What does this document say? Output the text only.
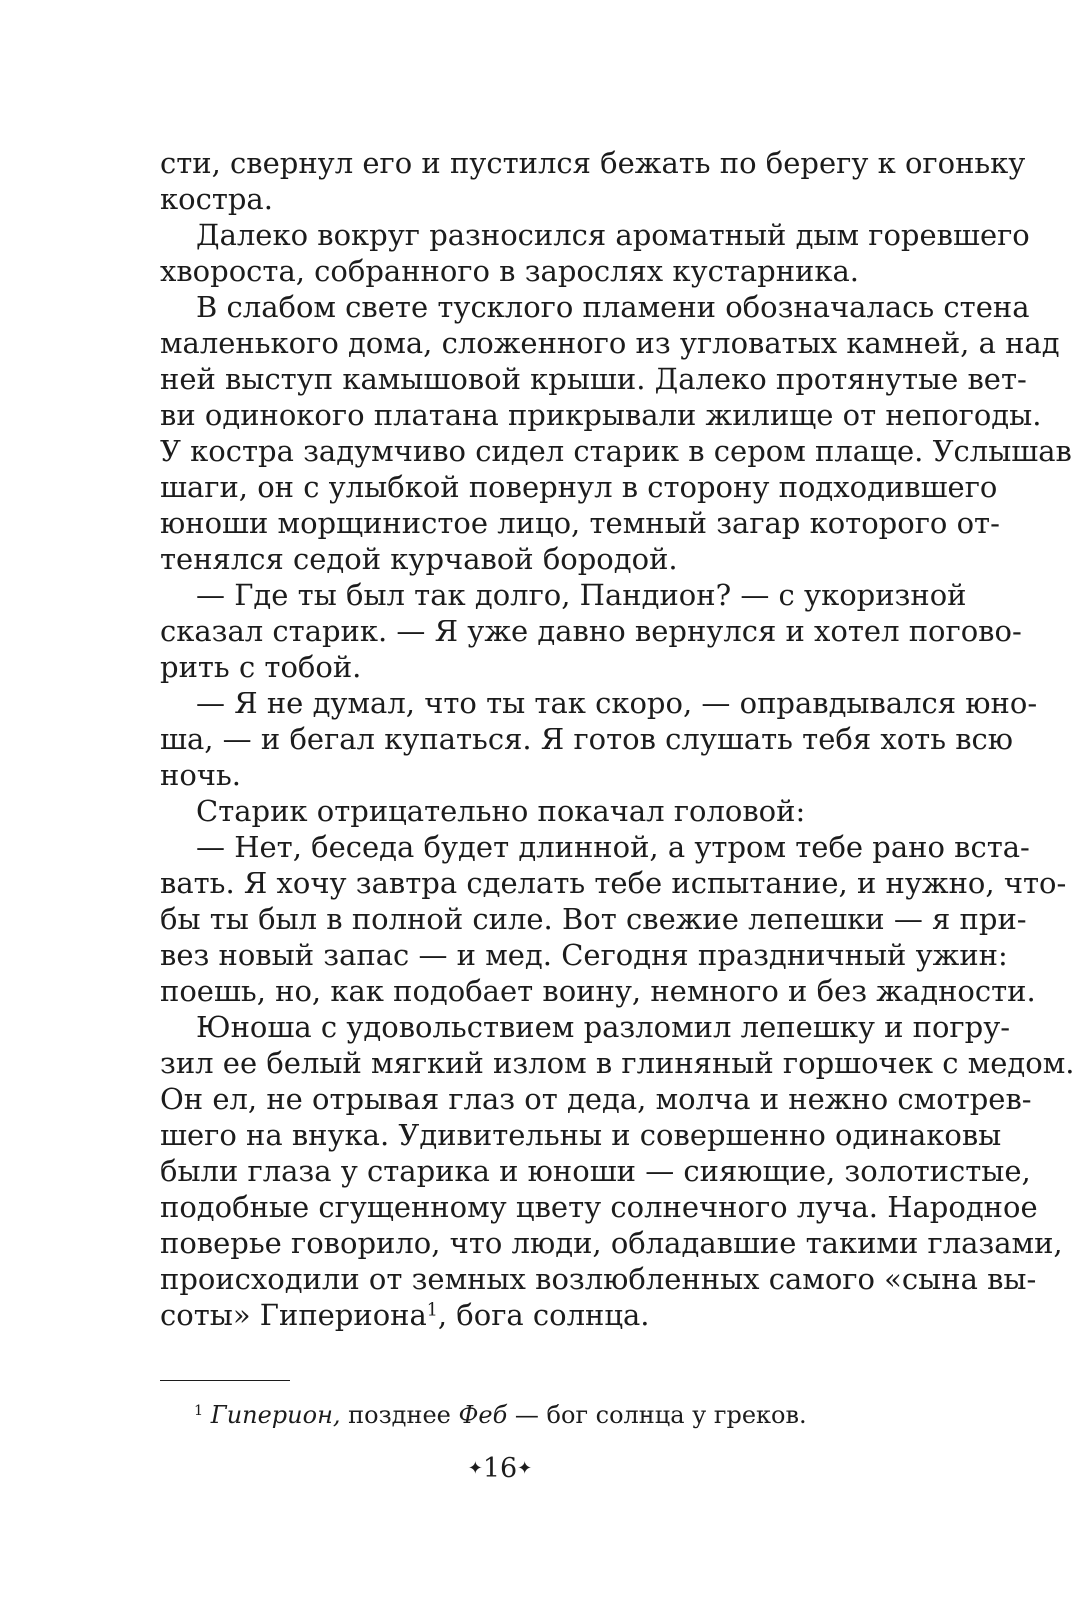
сти, свернул его и пустился бежать по берегу к огоньку
костра.
Далеко вокруг разносился ароматный дым горевшего
хвороста, собранного в зарослях кустарника.
В слабом свете тусклого пламени обозначалась стена
маленького дома, сложенного из угловатых камней, а над
ней выступ камышовой крыши. Далеко протянутые вет-
ви одинокого платана прикрывали жилище от непогоды.
У костра задумчиво сидел старик в сером плаще. Услышав
шаги, он с улыбкой повернул в сторону подходившего
юноши морщинистое лицо, темный загар которого от-
тенялся седой курчавой бородой.
— Где ты был так долго, Пандион? — с укоризной
сказал старик. — Я уже давно вернулся и хотел погово-
рить с тобой.
— Я не думал, что ты так скоро, — оправдывался юно-
ша, — и бегал купаться. Я готов слушать тебя хоть всю
ночь.
Старик отрицательно покачал головой:
— Нет, беседа будет длинной, а утром тебе рано вста-
вать. Я хочу завтра сделать тебе испытание, и нужно, что-
бы ты был в полной силе. Вот свежие лепешки — я при-
вез новый запас — и мед. Сегодня праздничный ужин:
поешь, но, как подобает воину, немного и без жадности.
Юноша с удовольствием разломил лепешку и погру-
зил ее белый мягкий излом в глиняный горшочек с медом.
Он ел, не отрывая глаз от деда, молча и нежно смотрев-
шего на внука. Удивительны и совершенно одинаковы
были глаза у старика и юноши — сияющие, золотистые,
подобные сгущенному цвету солнечного луча. Народное
поверье говорило, что люди, обладавшие такими глазами,
происходили от земных возлюбленных самого «сына вы-
соты» Гипериона$^1$, бога солнца.
$^1$ Гиперион, позднее Феб — бог солнца у греков.
✦16✦
